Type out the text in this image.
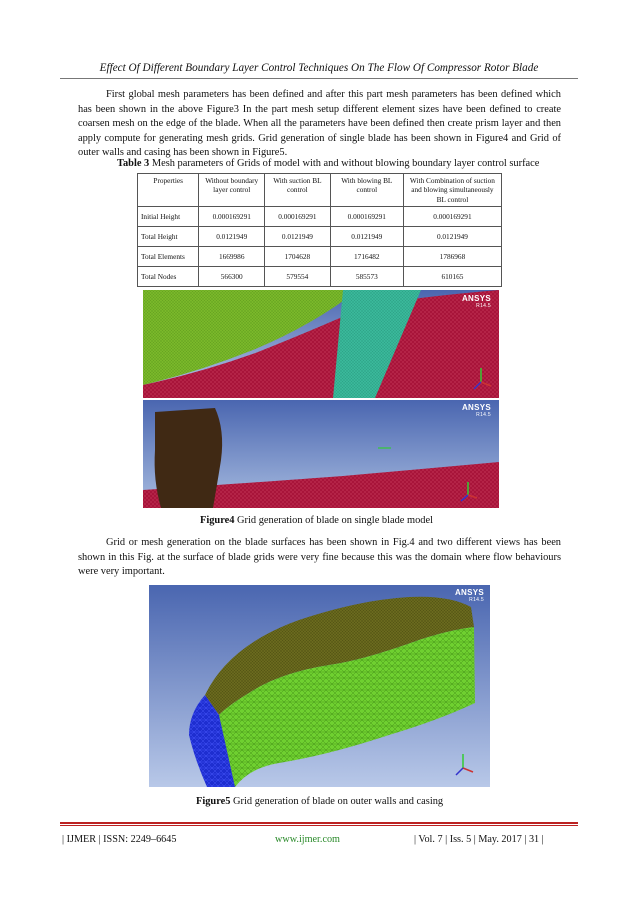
Effect Of Different Boundary Layer Control Techniques On The Flow Of Compressor Rotor Blade

First global mesh parameters has been defined and after this part mesh parameters has been defined which has been shown in the above Figure3 In the part mesh setup different element sizes have been defined to create coarsen mesh on the edge of the blade. When all the parameters have been defined then create prism layer and then apply compute for generating mesh grids. Grid generation of single blade has been shown in Figure4 and Grid of outer walls and casing has been shown in Figure5.

Table 3 Mesh parameters of Grids of model with and without blowing boundary layer control surface

Properties	Without boundary layer control	With suction BL control	With blowing BL control	With Combination of suction and blowing simultaneously BL control
Initial Height	0.000169291	0.000169291	0.000169291	0.000169291
Total Height	0.0121949	0.0121949	0.0121949	0.0121949
Total Elements	1669986	1704628	1716482	1786968
Total Nodes	566300	579554	585573	610165
ANSYS
R14.5
ANSYS
R14.5

Figure4 Grid generation of blade on single blade model

Grid or mesh generation on the blade surfaces has been shown in Fig.4 and two different views has been shown in this Fig. at the surface of blade grids were very fine because this was the domain where flow behaviours were very important.

ANSYS
R14.5

Figure5 Grid generation of blade on outer walls and casing

| IJMER | ISSN: 2249–6645	www.ijmer.com	| Vol. 7 | Iss. 5 | May. 2017 | 31 |
